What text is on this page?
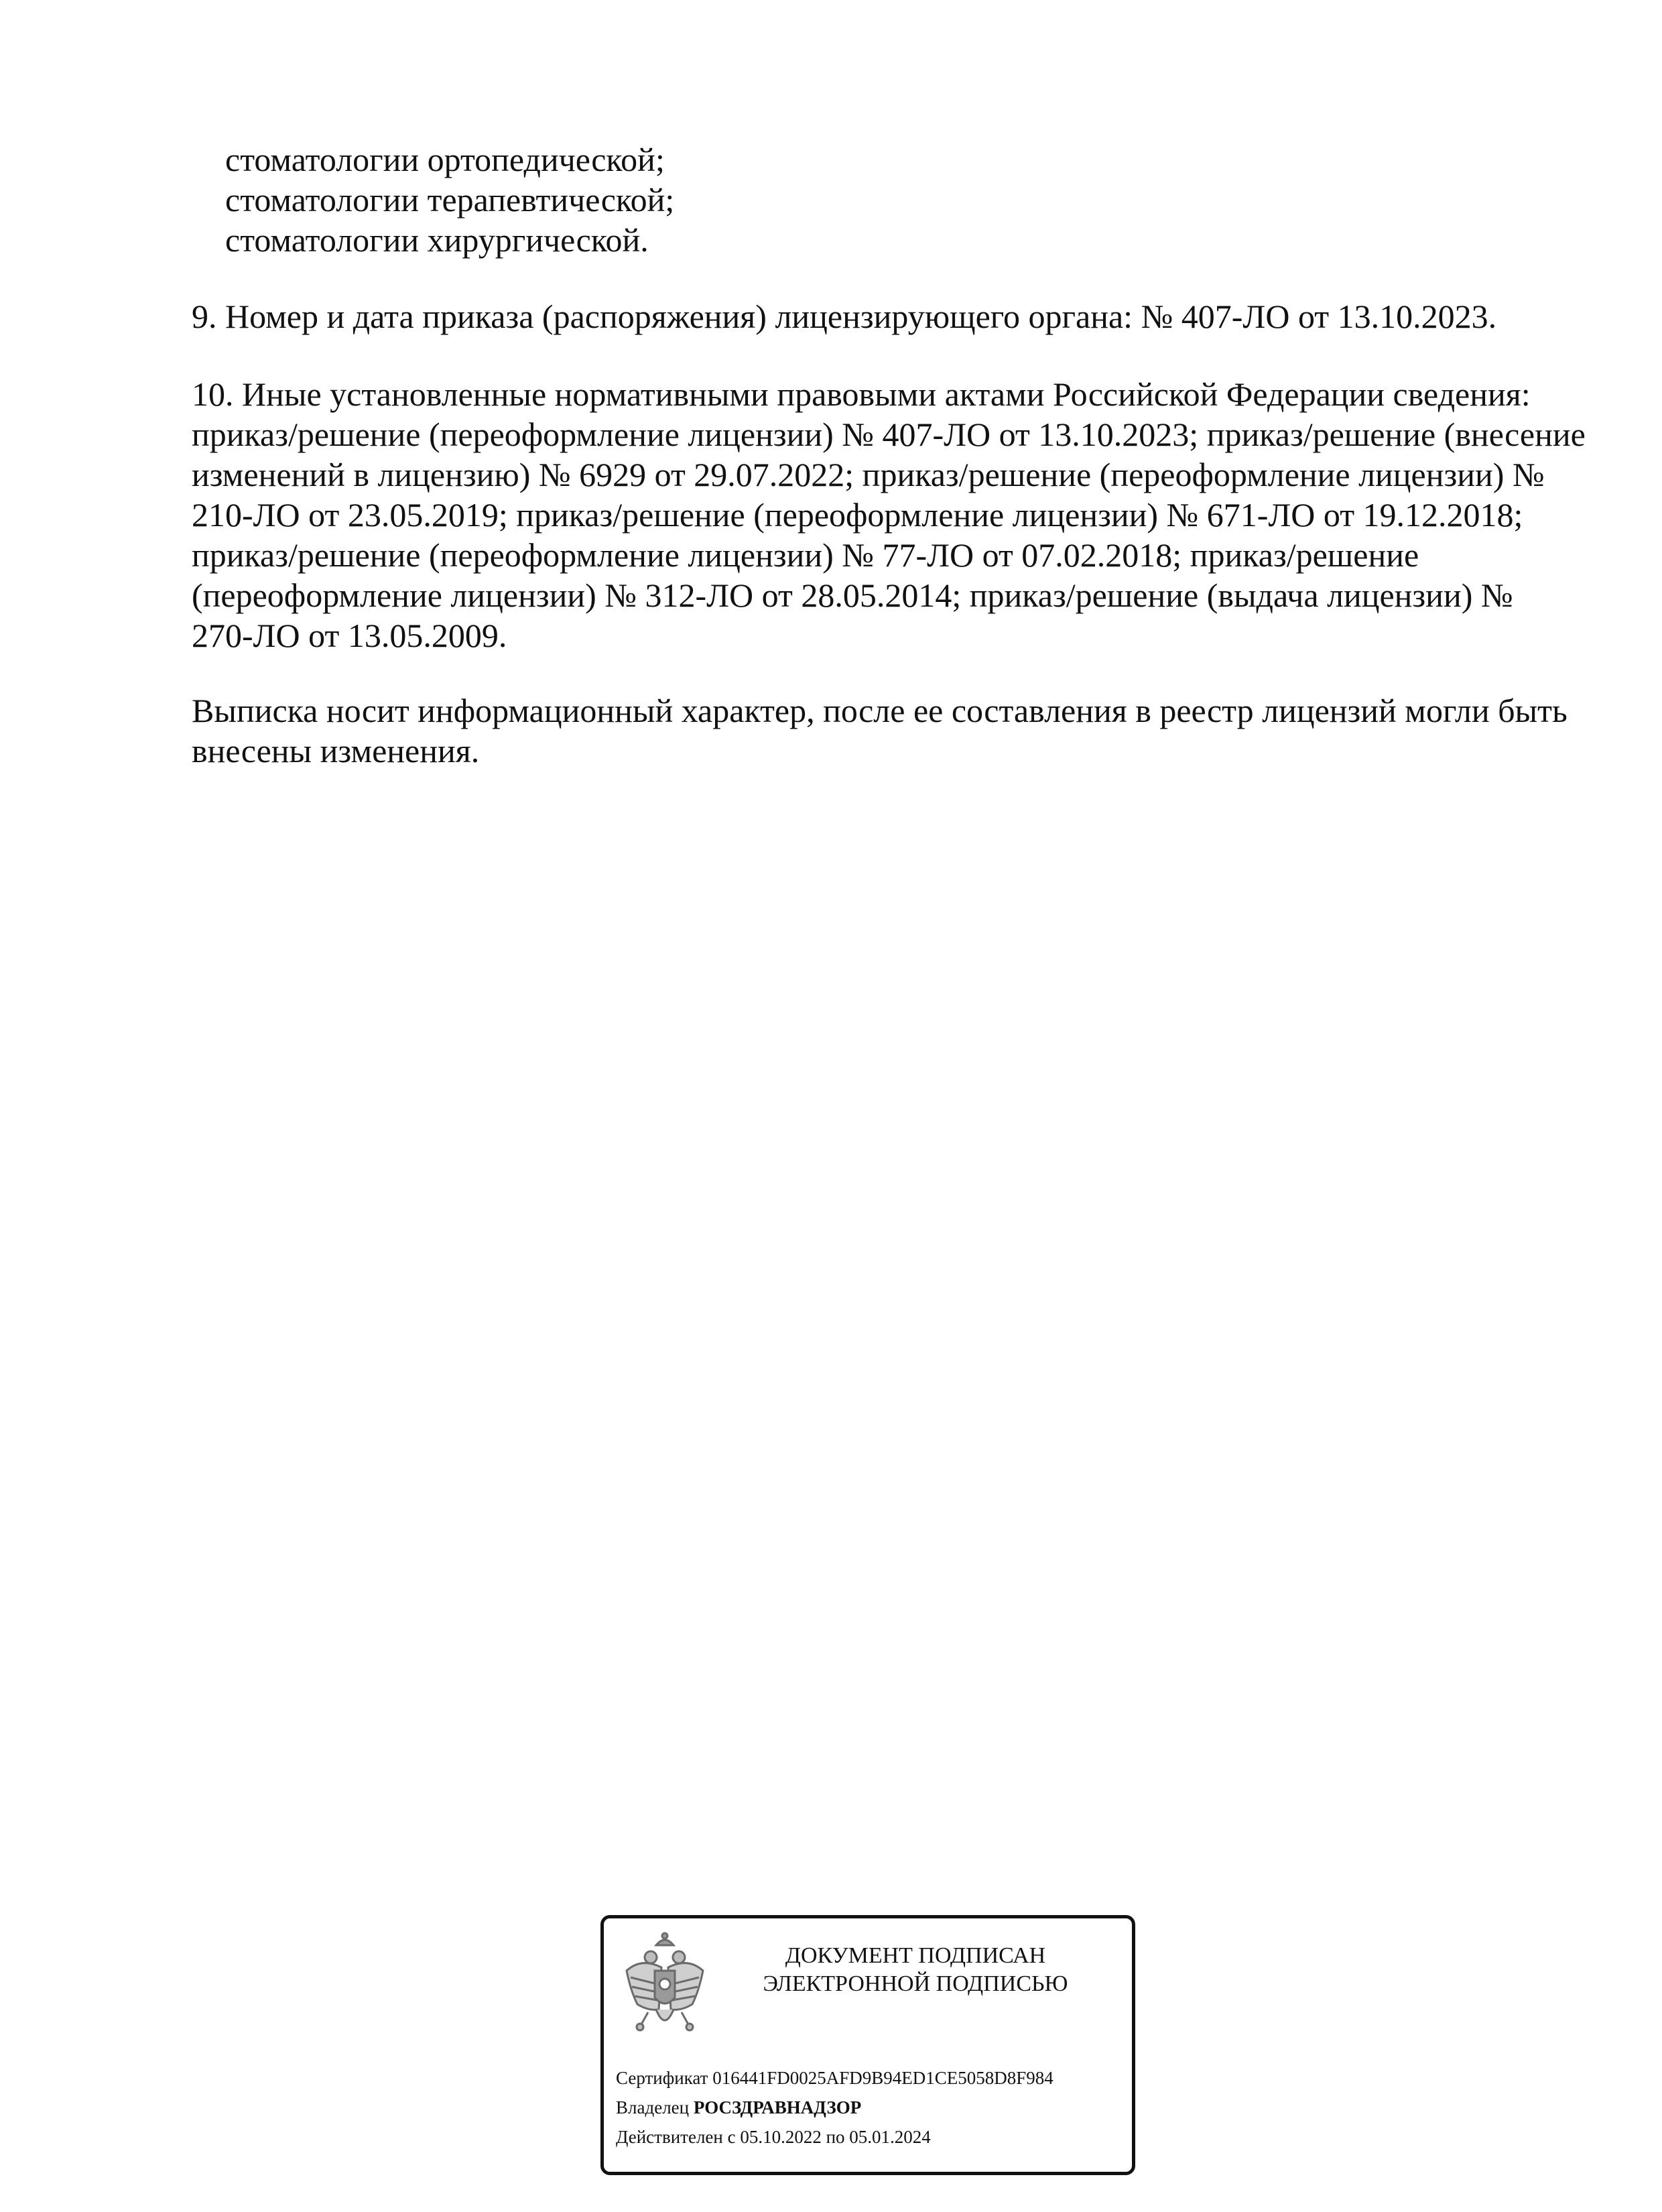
стоматологии ортопедической;
стоматологии терапевтической;
стоматологии хирургической.
9. Номер и дата приказа (распоряжения) лицензирующего органа: № 407-ЛО от 13.10.2023.
10. Иные установленные нормативными правовыми актами Российской Федерации сведения:
приказ/решение (переоформление лицензии) № 407-ЛО от 13.10.2023; приказ/решение (внесение
изменений в лицензию) № 6929 от 29.07.2022; приказ/решение (переоформление лицензии) №
210-ЛО от 23.05.2019; приказ/решение (переоформление лицензии) № 671-ЛО от 19.12.2018;
приказ/решение (переоформление лицензии) № 77-ЛО от 07.02.2018; приказ/решение
(переоформление лицензии) № 312-ЛО от 28.05.2014; приказ/решение (выдача лицензии) №
270-ЛО от 13.05.2009.
Выписка носит информационный характер, после ее составления в реестр лицензий могли быть
внесены изменения.
ДОКУМЕНТ ПОДПИСАН
ЭЛЕКТРОННОЙ ПОДПИСЬЮ
Сертификат 016441FD0025AFD9B94ED1CE5058D8F984
Владелец РОСЗДРАВНАДЗОР
Действителен с 05.10.2022 по 05.01.2024
